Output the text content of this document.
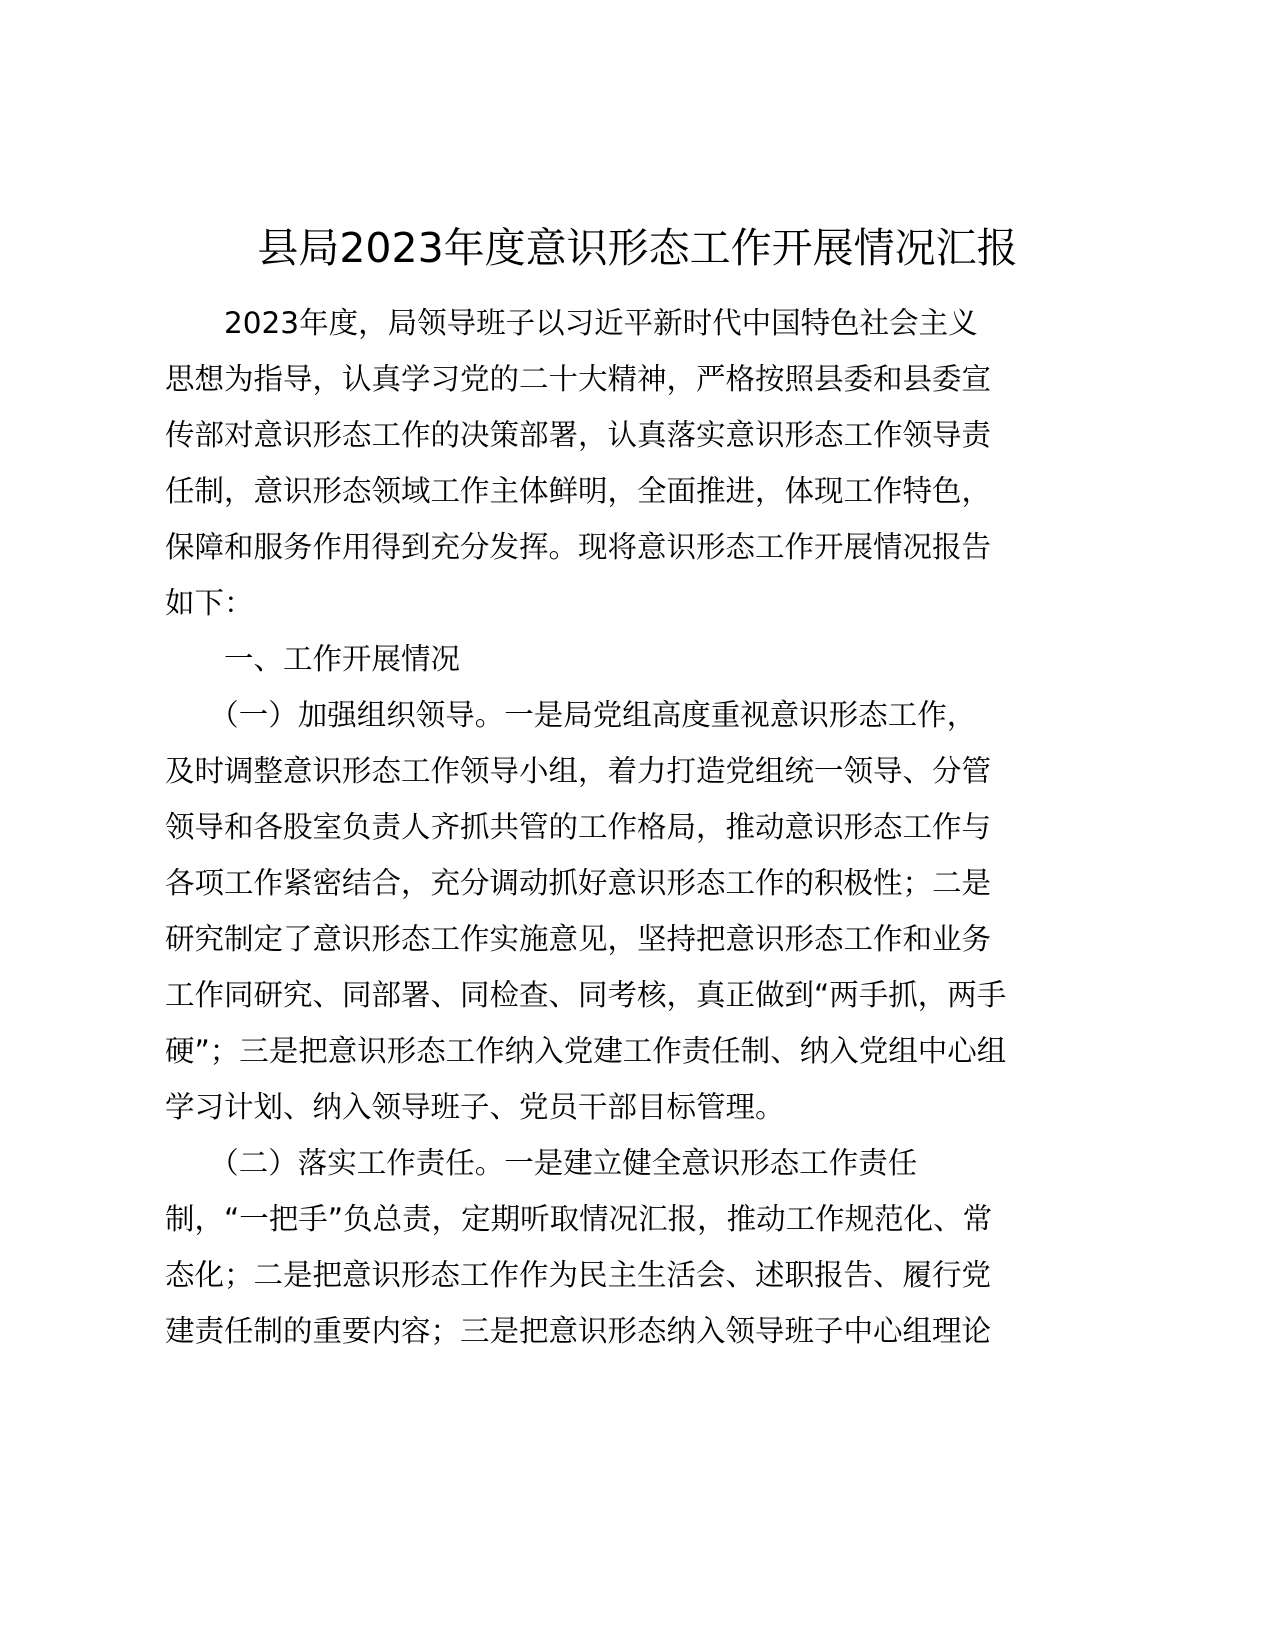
县局2023年度意识形态工作开展情况汇报
　　2023年度，局领导班子以习近平新时代中国特色社会主义
思想为指导，认真学习党的二十大精神，严格按照县委和县委宣
传部对意识形态工作的决策部署，认真落实意识形态工作领导责
任制，意识形态领域工作主体鲜明，全面推进，体现工作特色，
保障和服务作用得到充分发挥。现将意识形态工作开展情况报告
如下：
　　一、工作开展情况
　　（一）加强组织领导。一是局党组高度重视意识形态工作，
及时调整意识形态工作领导小组，着力打造党组统一领导、分管
领导和各股室负责人齐抓共管的工作格局，推动意识形态工作与
各项工作紧密结合，充分调动抓好意识形态工作的积极性；二是
研究制定了意识形态工作实施意见，坚持把意识形态工作和业务
工作同研究、同部署、同检查、同考核，真正做到“两手抓，两手
硬”；三是把意识形态工作纳入党建工作责任制、纳入党组中心组
学习计划、纳入领导班子、党员干部目标管理。
　　（二）落实工作责任。一是建立健全意识形态工作责任
制，“一把手”负总责，定期听取情况汇报，推动工作规范化、常
态化；二是把意识形态工作作为民主生活会、述职报告、履行党
建责任制的重要内容；三是把意识形态纳入领导班子中心组理论
